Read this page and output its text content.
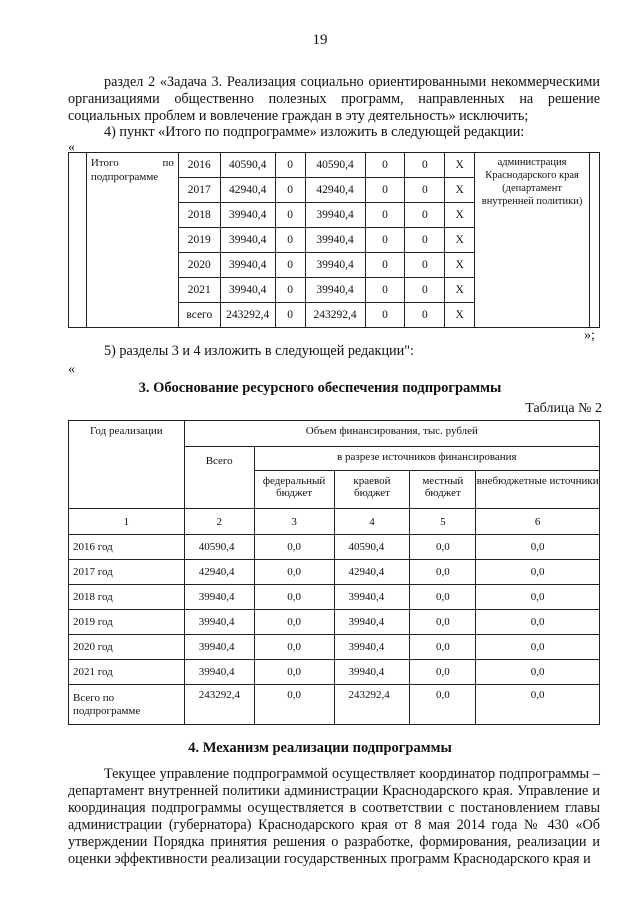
19
раздел 2 «Задача 3. Реализация социально ориентированными некоммерческими организациями общественно полезных программ, направленных на решение социальных проблем и вовлечение граждан в эту деятельность» исключить;
4) пункт «Итого по подпрограмме» изложить в следующей редакции:
«

	Итого по
подпрограмме	2016	40590,4	0	40590,4	0	0	X	администрация Краснодарского края (департамент внутренней политики)	
		2017	42940,4	0	42940,4	0	0	X		
		2018	39940,4	0	39940,4	0	0	X		
		2019	39940,4	0	39940,4	0	0	X		
		2020	39940,4	0	39940,4	0	0	X		
		2021	39940,4	0	39940,4	0	0	X		
		всего	243292,4	0	243292,4	0	0	X		
»;
5) разделы 3 и 4 изложить в следующей редакции":
«
3. Обоснование ресурсного обеспечения подпрограммы
Таблица № 2
Год реализации	Объем финансирования, тыс. рублей				
	Всего	в разрезе источников финансирования			
		федеральный бюджет	краевой бюджет	местный бюджет	внебюджетные источники
1	2	3	4	5	6
2016 год	40590,4	0,0	40590,4	0,0	0,0
2017 год	42940,4	0,0	42940,4	0,0	0,0
2018 год	39940,4	0,0	39940,4	0,0	0,0
2019 год	39940,4	0,0	39940,4	0,0	0,0
2020 год	39940,4	0,0	39940,4	0,0	0,0
2021 год	39940,4	0,0	39940,4	0,0	0,0
Всего по подпрограмме	243292,4	0,0	243292,4	0,0	0,0
4. Механизм реализации подпрограммы
Текущее управление подпрограммой осуществляет координатор подпрограммы – департамент внутренней политики администрации Краснодарского края. Управление и координация подпрограммы осуществляется в соответствии с постановлением главы администрации (губернатора) Краснодарского края от 8 мая 2014 года № 430 «Об утверждении Порядка принятия решения о разработке, формирования, реализации и оценки эффективности реализации государственных программ Краснодарского края и
